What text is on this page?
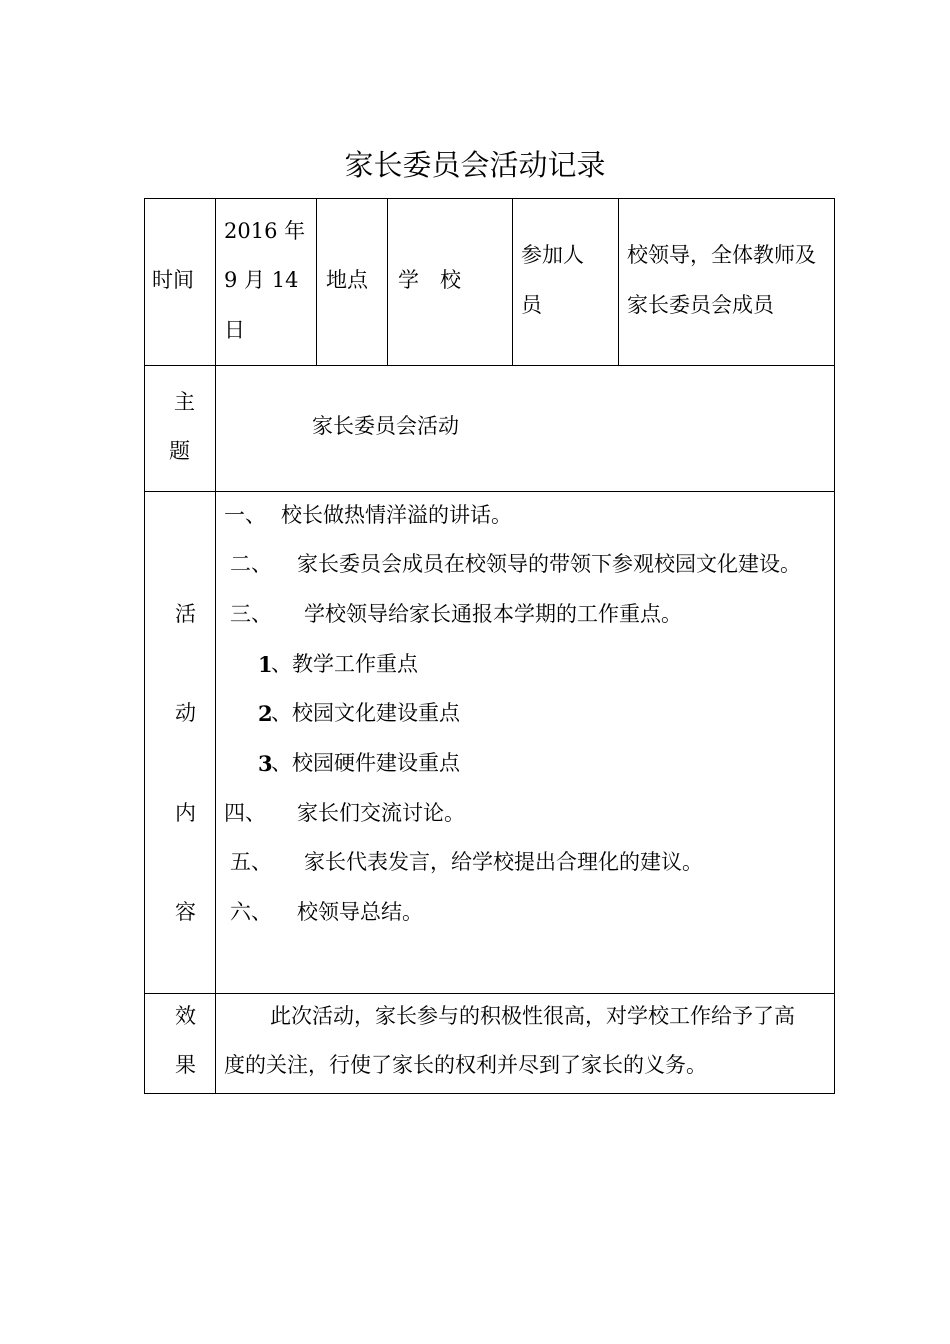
家长委员会活动记录
时间
2016 年
9 月 14
日
地点 学　校
参加人
员
校领导，全体教师及
家长委员会成员
主
题
家长委员会活动
活
动
内
容
一、 校长做热情洋溢的讲话。
二、 家长委员会成员在校领导的带领下参观校园文化建设。
三、 学校领导给家长通报本学期的工作重点。
1
、教学工作重点
2
、校园文化建设重点
3
、校园硬件建设重点
四、 家长们交流讨论。
五、 家长代表发言，给学校提出合理化的建议。
六、 校领导总结。
效
果
此次活动，家长参与的积极性很高，对学校工作给予了高
度的关注，行使了家长的权利并尽到了家长的义务。
